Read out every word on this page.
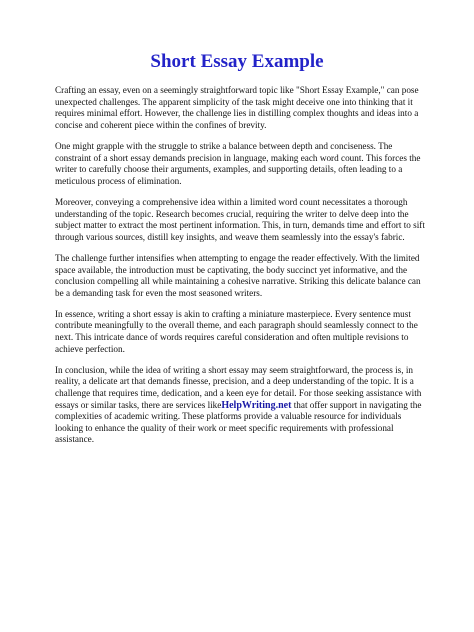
Short Essay Example

Crafting an essay, even on a seemingly straightforward topic like "Short Essay Example," can pose unexpected challenges. The apparent simplicity of the task might deceive one into thinking that it requires minimal effort. However, the challenge lies in distilling complex thoughts and ideas into a concise and coherent piece within the confines of brevity.

One might grapple with the struggle to strike a balance between depth and conciseness. The constraint of a short essay demands precision in language, making each word count. This forces the writer to carefully choose their arguments, examples, and supporting details, often leading to a meticulous process of elimination.

Moreover, conveying a comprehensive idea within a limited word count necessitates a thorough understanding of the topic. Research becomes crucial, requiring the writer to delve deep into the subject matter to extract the most pertinent information. This, in turn, demands time and effort to sift through various sources, distill key insights, and weave them seamlessly into the essay's fabric.

The challenge further intensifies when attempting to engage the reader effectively. With the limited space available, the introduction must be captivating, the body succinct yet informative, and the conclusion compelling all while maintaining a cohesive narrative. Striking this delicate balance can be a demanding task for even the most seasoned writers.

In essence, writing a short essay is akin to crafting a miniature masterpiece. Every sentence must contribute meaningfully to the overall theme, and each paragraph should seamlessly connect to the next. This intricate dance of words requires careful consideration and often multiple revisions to achieve perfection.

In conclusion, while the idea of writing a short essay may seem straightforward, the process is, in reality, a delicate art that demands finesse, precision, and a deep understanding of the topic. It is a challenge that requires time, dedication, and a keen eye for detail. For those seeking assistance with essays or similar tasks, there are services likeHelpWriting.net that offer support in navigating the complexities of academic writing. These platforms provide a valuable resource for individuals looking to enhance the quality of their work or meet specific requirements with professional assistance.
